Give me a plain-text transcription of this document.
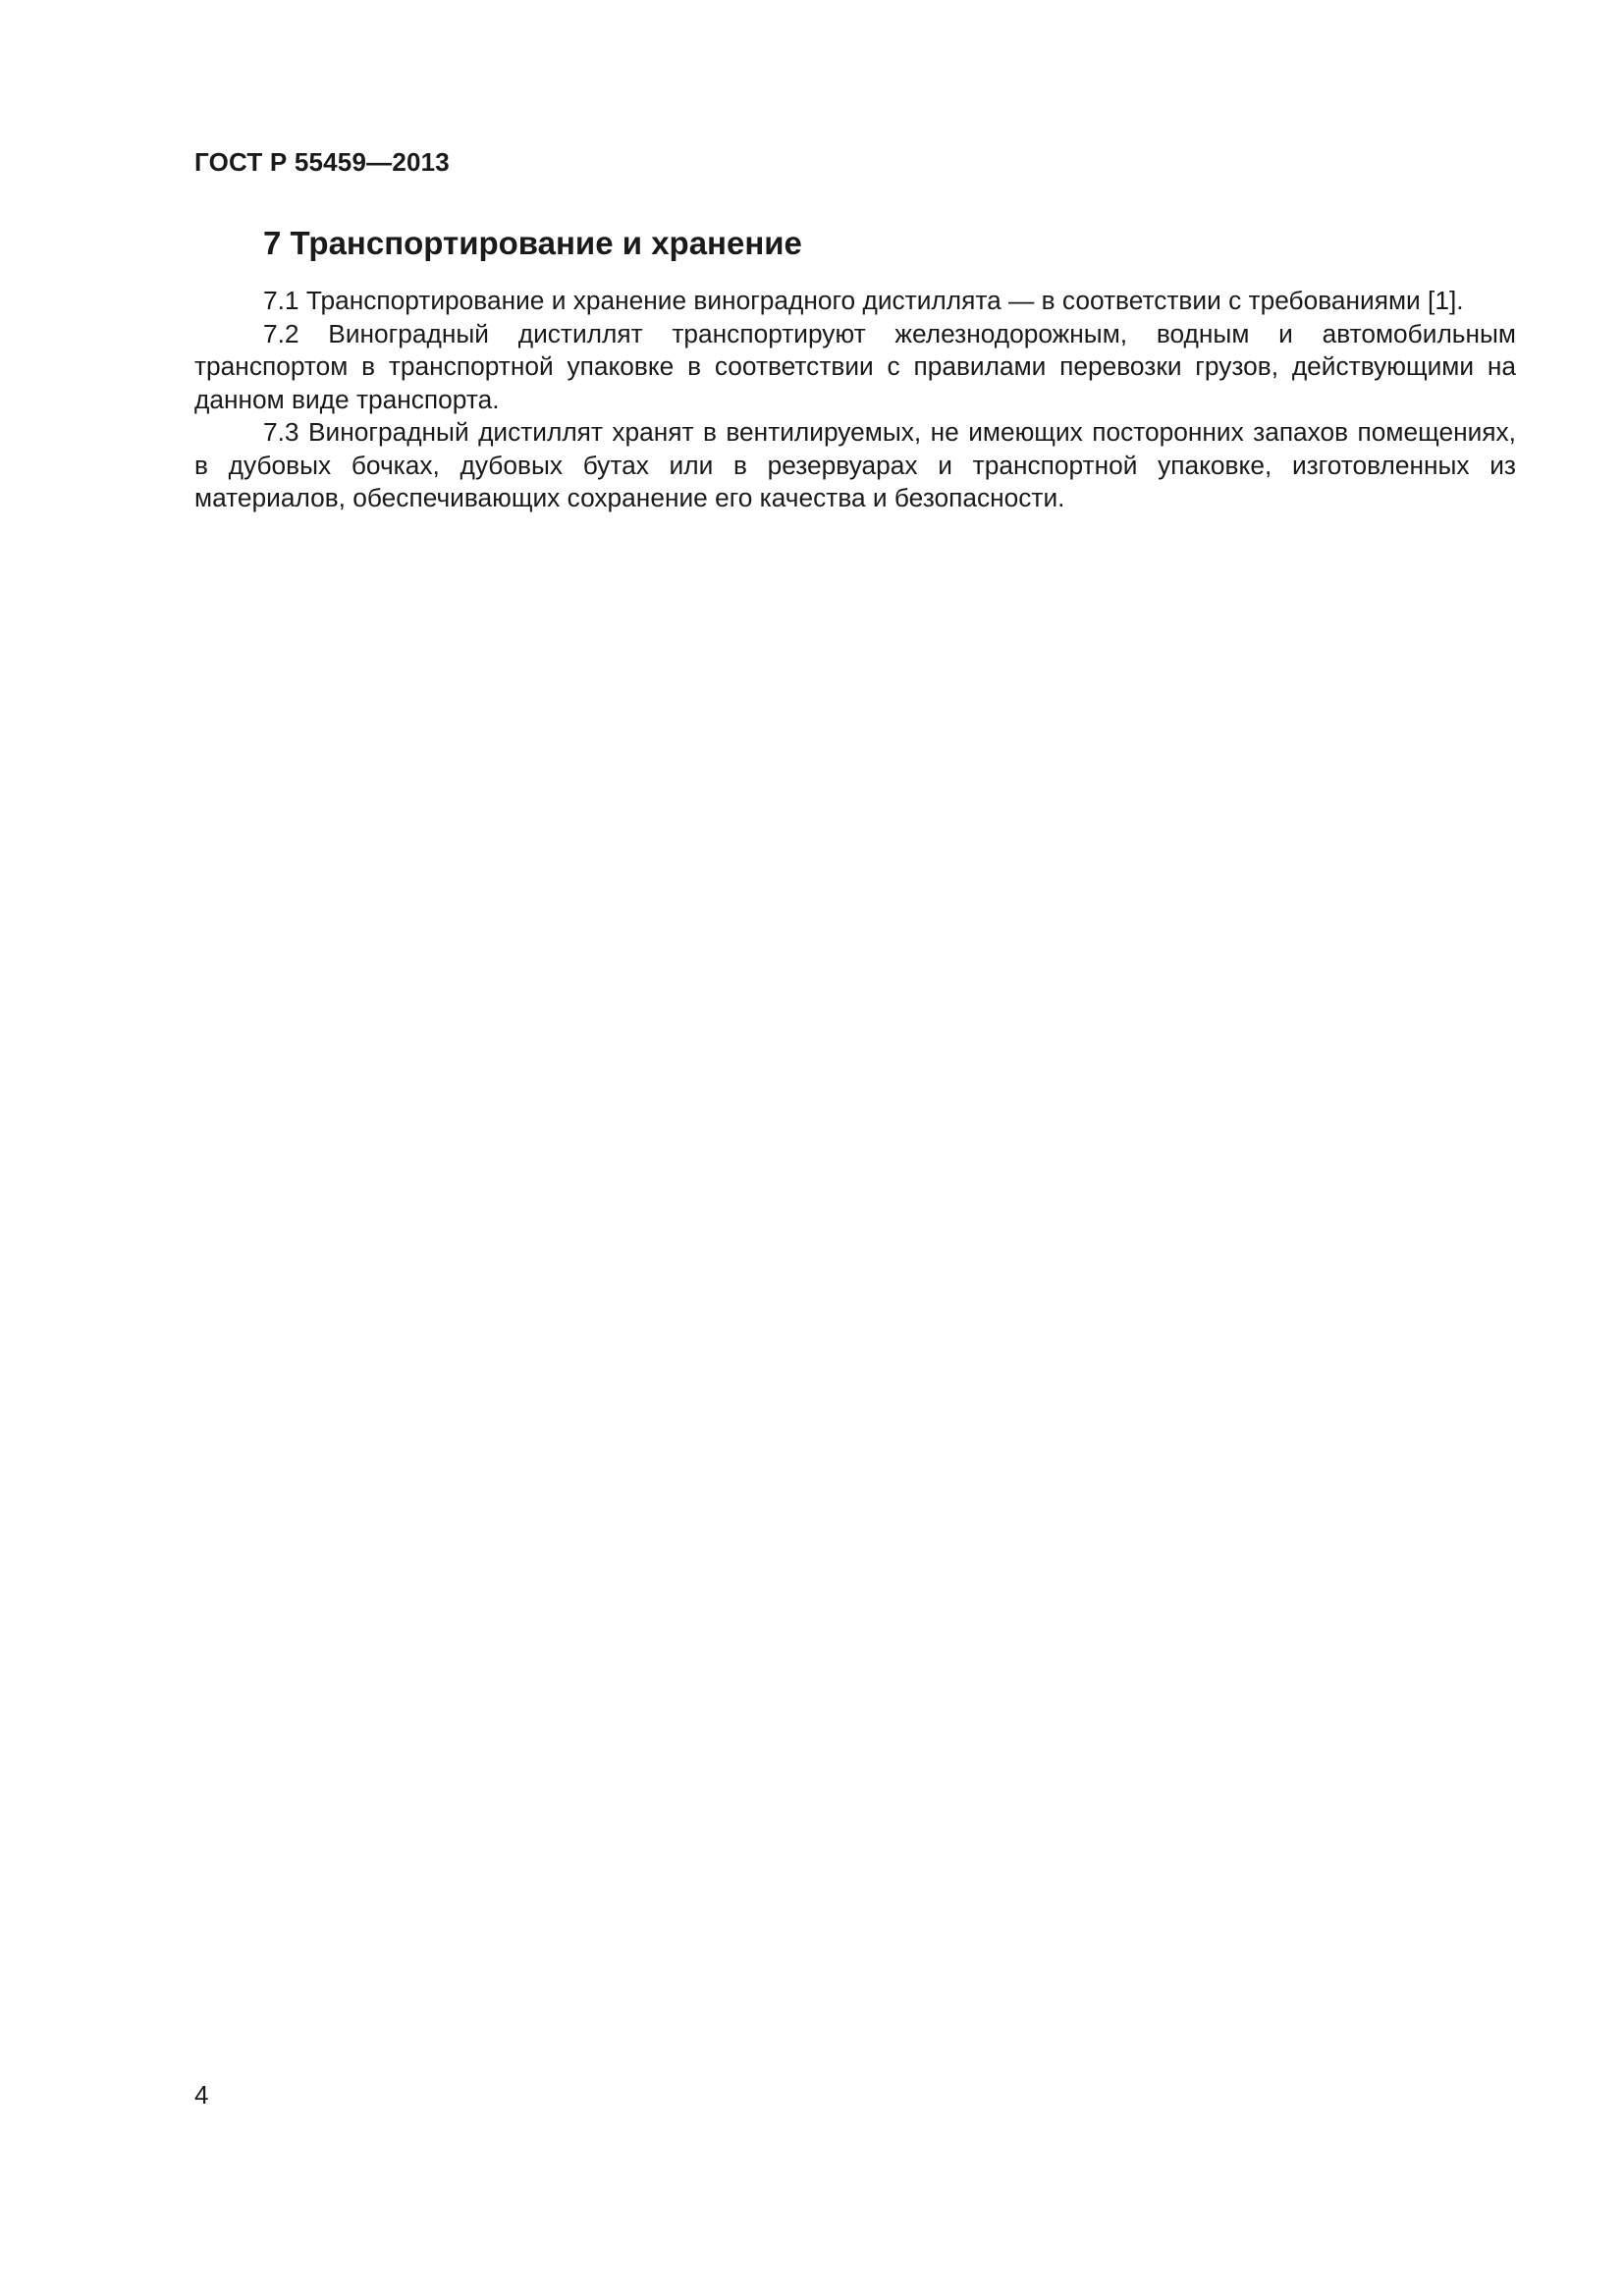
ГОСТ Р 55459—2013
7 Транспортирование и хранение

7.1 Транспортирование и хранение виноградного дистиллята — в соответствии с требованиями [1].

7.2 Виноградный дистиллят транспортируют железнодорожным, водным и автомобильным транспортом в транспортной упаковке в соответствии с правилами перевозки грузов, действующими на данном виде транспорта.

7.3 Виноградный дистиллят хранят в вентилируемых, не имеющих посторонних запахов помещениях, в дубовых бочках, дубовых бутах или в резервуарах и транспортной упаковке, изготовленных из материалов, обеспечивающих сохранение его качества и безопасности.

4
